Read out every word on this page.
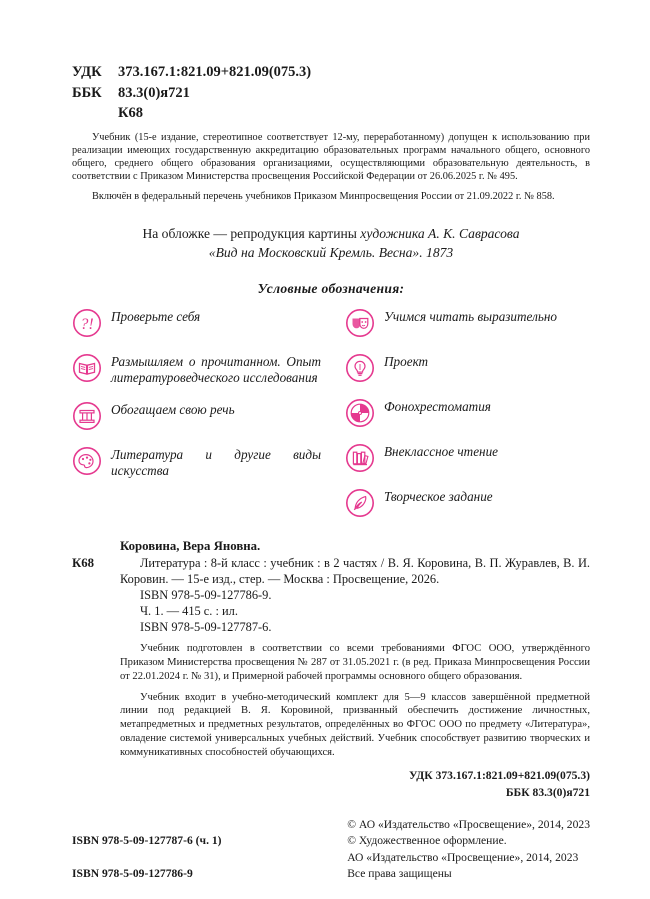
УДК 373.167.1:821.09+821.09(075.3)
ББК 83.3(0)я721
К68
Учебник (15-е издание, стереотипное соответствует 12-му, переработанному) допущен к использованию при реализации имеющих государственную аккредитацию образовательных программ начального общего, основного общего, среднего общего образования организациями, осуществляющими образовательную деятельность, в соответствии с Приказом Министерства просвещения Российской Федерации от 26.06.2025 г. № 495.
Включён в федеральный перечень учебников Приказом Минпросвещения России от 21.09.2022 г. № 858.
На обложке — репродукция картины художника А. К. Саврасова
«Вид на Московский Кремль. Весна». 1873
Условные обозначения:
?! Проверьте себя
Размышляем о прочитанном. Опыт литературоведческого исследования
Обогащаем свою речь
Литература и другие виды искусства
Учимся читать выразительно
Проект
Фонохрестоматия
Внеклассное чтение
Творческое задание
Коровина, Вера Яновна.
К68	Литература : 8-й класс : учебник : в 2 частях / В. Я. Коровина, В. П. Журавлев, В. И. Коровин. — 15-е изд., стер. — Москва : Просвещение, 2026.
ISBN 978-5-09-127786-9.
Ч. 1. — 415 с. : ил.
ISBN 978-5-09-127787-6.
Учебник подготовлен в соответствии со всеми требованиями ФГОС ООО, утверждённого Приказом Министерства просвещения № 287 от 31.05.2021 г. (в ред. Приказа Минпросвещения России от 22.01.2024 г. № 31), и Примерной рабочей программы основного общего образования.
Учебник входит в учебно-методический комплект для 5—9 классов завершённой предметной линии под редакцией В. Я. Коровиной, призванный обеспечить достижение личностных, метапредметных и предметных результатов, определённых во ФГОС ООО по предмету «Литература», овладение системой универсальных учебных действий. Учебник способствует развитию творческих и коммуникативных способностей обучающихся.
УДК 373.167.1:821.09+821.09(075.3)
ББК 83.3(0)я721

ISBN 978-5-09-127787-6 (ч. 1)

ISBN 978-5-09-127786-9

© АО «Издательство «Просвещение», 2014, 2023
© Художественное оформление.
АО «Издательство «Просвещение», 2014, 2023
Все права защищены
